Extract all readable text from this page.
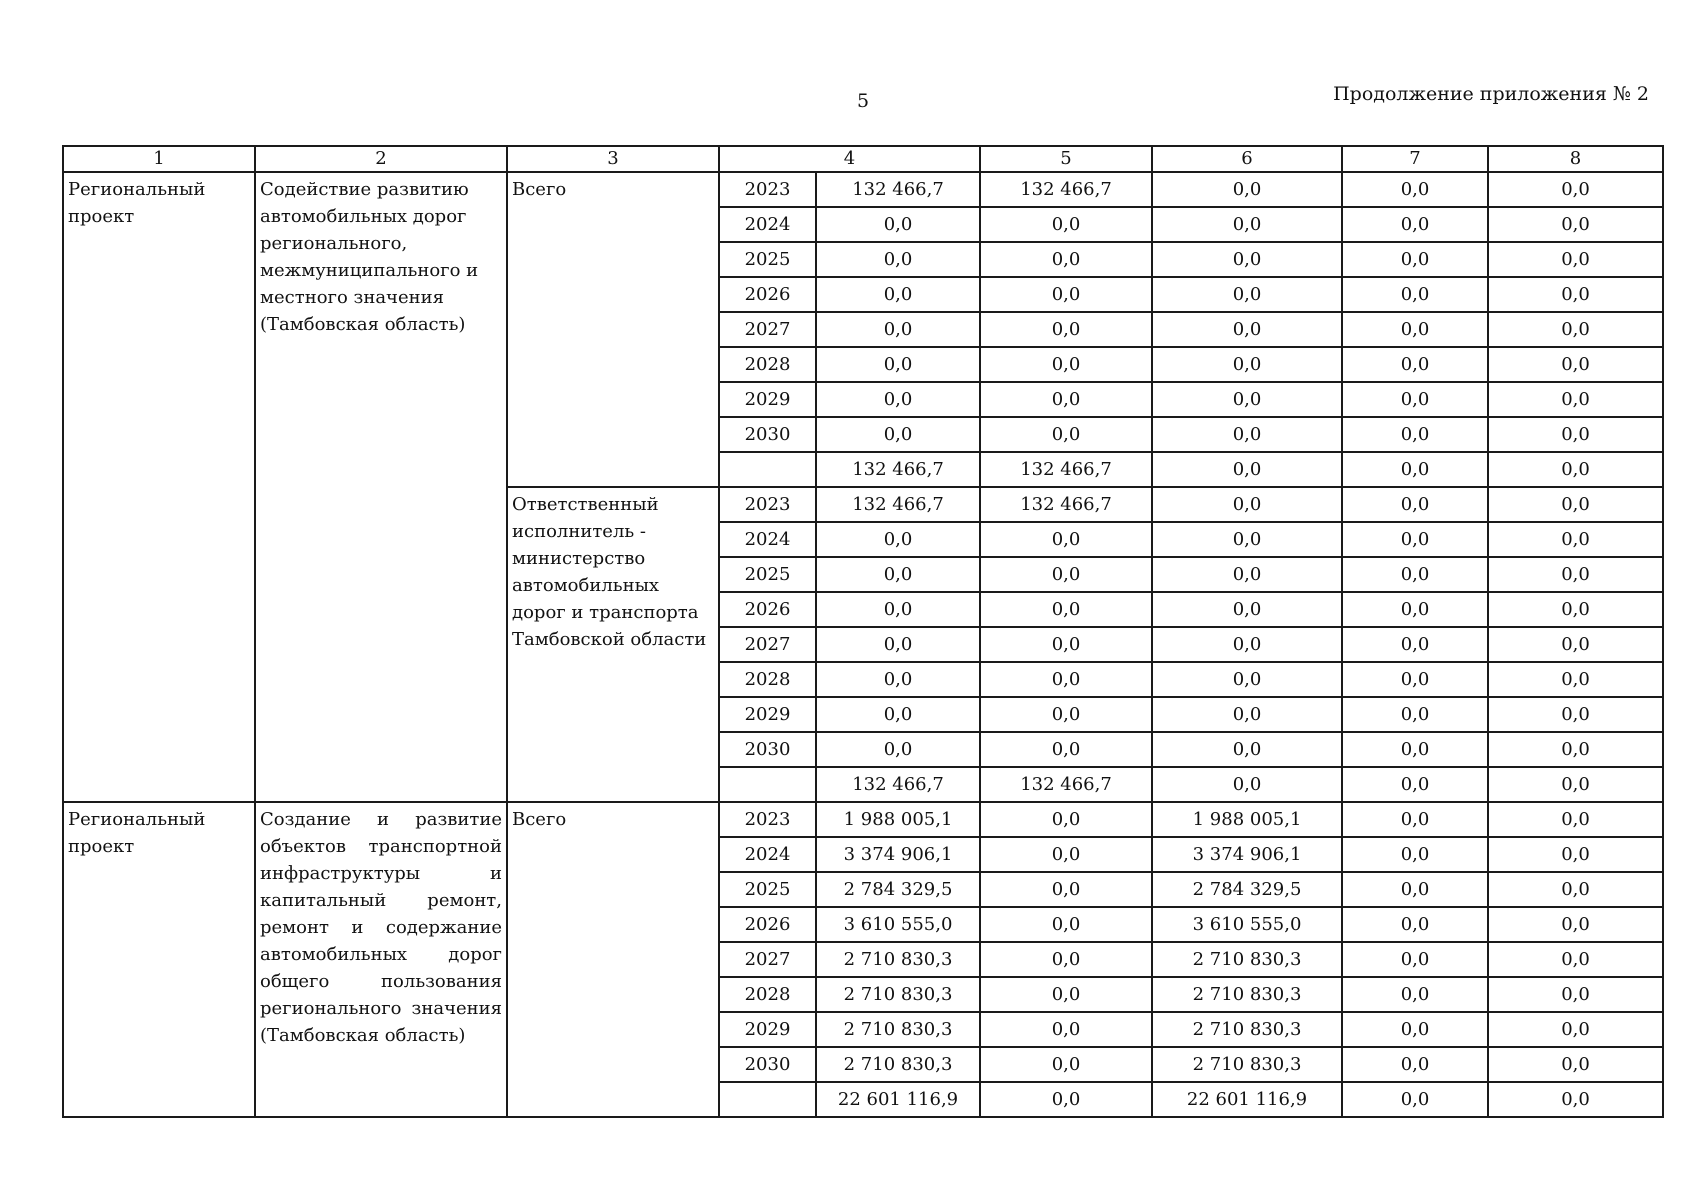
5	Продолжение приложения № 2
1	2	3	4		5	6	7	8
Региональный проект	Содействие развитию автомобильных дорог регионального, межмуниципального и местного значения (Тамбовская область)	Всего	2023	132 466,7	132 466,7	0,0	0,0	0,0
			2024	0,0	0,0	0,0	0,0	0,0
			2025	0,0	0,0	0,0	0,0	0,0
			2026	0,0	0,0	0,0	0,0	0,0
			2027	0,0	0,0	0,0	0,0	0,0
			2028	0,0	0,0	0,0	0,0	0,0
			2029	0,0	0,0	0,0	0,0	0,0
			2030	0,0	0,0	0,0	0,0	0,0
				132 466,7	132 466,7	0,0	0,0	0,0
		Ответственный исполнитель - министерство автомобильных дорог и транспорта Тамбовской области	2023	132 466,7	132 466,7	0,0	0,0	0,0
			2024	0,0	0,0	0,0	0,0	0,0
			2025	0,0	0,0	0,0	0,0	0,0
			2026	0,0	0,0	0,0	0,0	0,0
			2027	0,0	0,0	0,0	0,0	0,0
			2028	0,0	0,0	0,0	0,0	0,0
			2029	0,0	0,0	0,0	0,0	0,0
			2030	0,0	0,0	0,0	0,0	0,0
				132 466,7	132 466,7	0,0	0,0	0,0
Региональный проект	Создание и развитие объектов транспортной инфраструктуры и капитальный ремонт, ремонт и содержание автомобильных дорог общего пользования регионального значения (Тамбовская область)	Всего	2023	1 988 005,1	0,0	1 988 005,1	0,0	0,0
			2024	3 374 906,1	0,0	3 374 906,1	0,0	0,0
			2025	2 784 329,5	0,0	2 784 329,5	0,0	0,0
			2026	3 610 555,0	0,0	3 610 555,0	0,0	0,0
			2027	2 710 830,3	0,0	2 710 830,3	0,0	0,0
			2028	2 710 830,3	0,0	2 710 830,3	0,0	0,0
			2029	2 710 830,3	0,0	2 710 830,3	0,0	0,0
			2030	2 710 830,3	0,0	2 710 830,3	0,0	0,0
				22 601 116,9	0,0	22 601 116,9	0,0	0,0
